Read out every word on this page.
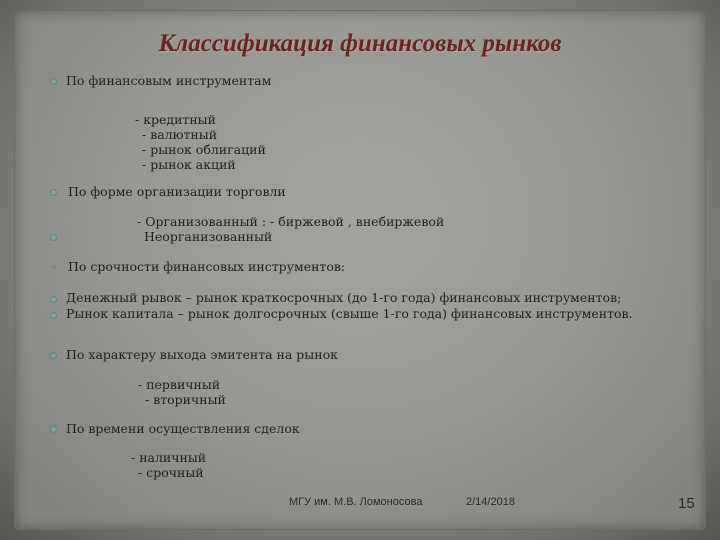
Классификация финансовых рынков
По финансовым инструментам
- кредитный
- валютный
- рынок облигаций
- рынок акций
По форме организации торговли
- Организованный : - биржевой , внебиржевой
Неорганизованный
По срочности финансовых инструментов:
Денежный рывок – рынок краткосрочных (до 1-го года) финансовых инструментов;
Рынок капитала – рынок долгосрочных (свыше 1-го года) финансовых инструментов.
По характеру выхода эмитента на рынок
- первичный
- вторичный
По времени осуществления сделок
- наличный
- срочный
МГУ им. М.В. Ломоносова	2/14/2018	15
